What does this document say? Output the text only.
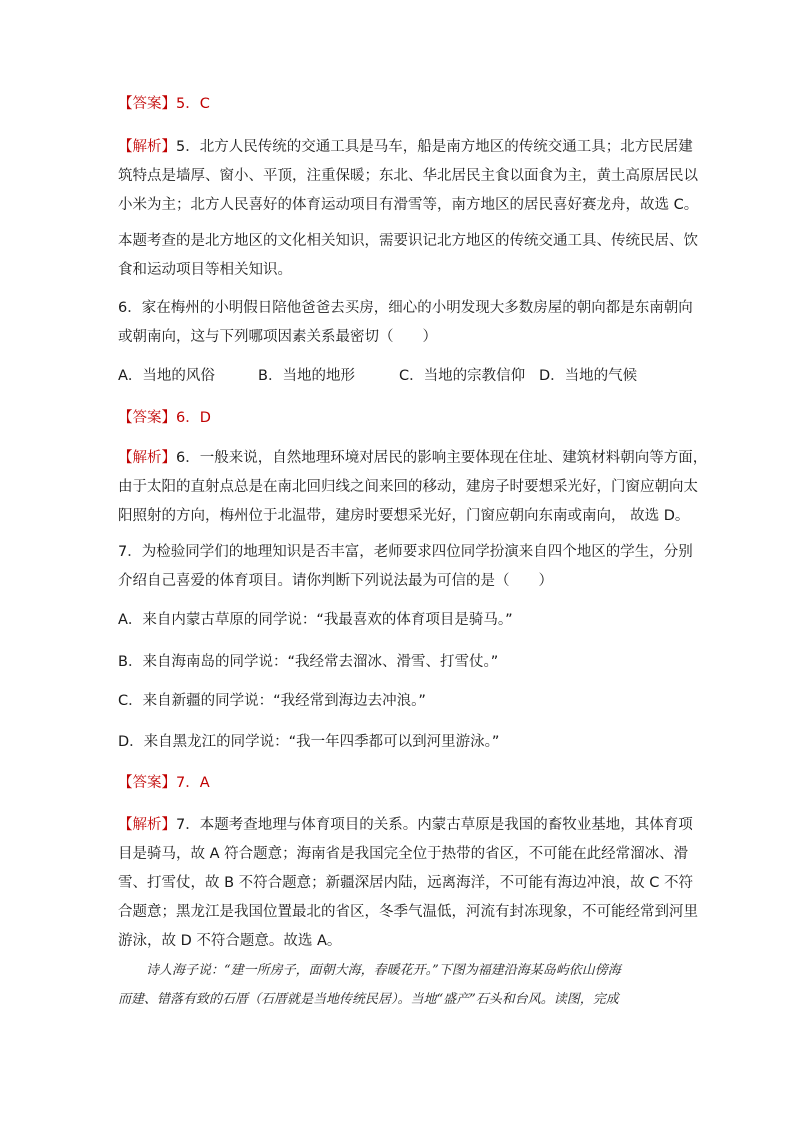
【答案】5．C
【解析】5．北方人民传统的交通工具是马车，船是南方地区的传统交通工具；北方民居建
筑特点是墙厚、窗小、平顶，注重保暖；东北、华北居民主食以面食为主，黄土高原居民以
小米为主；北方人民喜好的体育运动项目有滑雪等，南方地区的居民喜好赛龙舟，故选 C。
本题考查的是北方地区的文化相关知识，需要识记北方地区的传统交通工具、传统民居、饮
食和运动项目等相关知识。
6．家在梅州的小明假日陪他爸爸去买房，细心的小明发现大多数房屋的朝向都是东南朝向
或朝南向，这与下列哪项因素关系最密切（　　）
A．当地的风俗	B．当地的地形	C．当地的宗教信仰 D．当地的气候
【答案】6．D
【解析】6．一般来说，自然地理环境对居民的影响主要体现在住址、建筑材料朝向等方面，
由于太阳的直射点总是在南北回归线之间来回的移动，建房子时要想采光好，门窗应朝向太
阳照射的方向，梅州位于北温带，建房时要想采光好，门窗应朝向东南或南向， 故选 D。
7．为检验同学们的地理知识是否丰富，老师要求四位同学扮演来自四个地区的学生，分别
介绍自己喜爱的体育项目。请你判断下列说法最为可信的是（　　）
A．来自内蒙古草原的同学说：“我最喜欢的体育项目是骑马。”
B．来自海南岛的同学说：“我经常去溜冰、滑雪、打雪仗。”
C．来自新疆的同学说：“我经常到海边去冲浪。”
D．来自黑龙江的同学说：“我一年四季都可以到河里游泳。”
【答案】7．A
【解析】7．本题考查地理与体育项目的关系。内蒙古草原是我国的畜牧业基地，其体育项
目是骑马，故 A 符合题意；海南省是我国完全位于热带的省区，不可能在此经常溜冰、滑
雪、打雪仗，故 B 不符合题意；新疆深居内陆，远离海洋，不可能有海边冲浪，故 C 不符
合题意；黑龙江是我国位置最北的省区，冬季气温低，河流有封冻现象，不可能经常到河里
游泳，故 D 不符合题意。故选 A。
诗人海子说：“建一所房子，面朝大海，春暖花开。”下图为福建沿海某岛屿依山傍海
而建、错落有致的石厝（石厝就是当地传统民居）。当地“盛产”石头和台风。读图，完成
